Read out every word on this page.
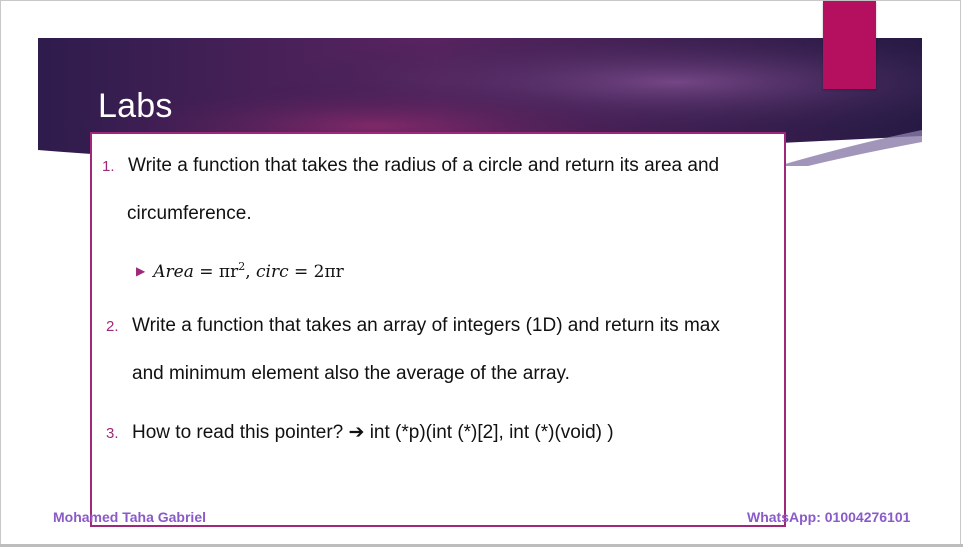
Labs
1. Write a function that takes the radius of a circle and return its area and
circumference.
▶ Area = $\pi r^2$, circ = 2πr
2. Write a function that takes an array of integers (1D) and return its max
and minimum element also the average of the array.
3. How to read this pointer? ➔ int (*p)(int (*)[2], int (*)(void) )
Mohamed Taha Gabriel	WhatsApp: 01004276101
